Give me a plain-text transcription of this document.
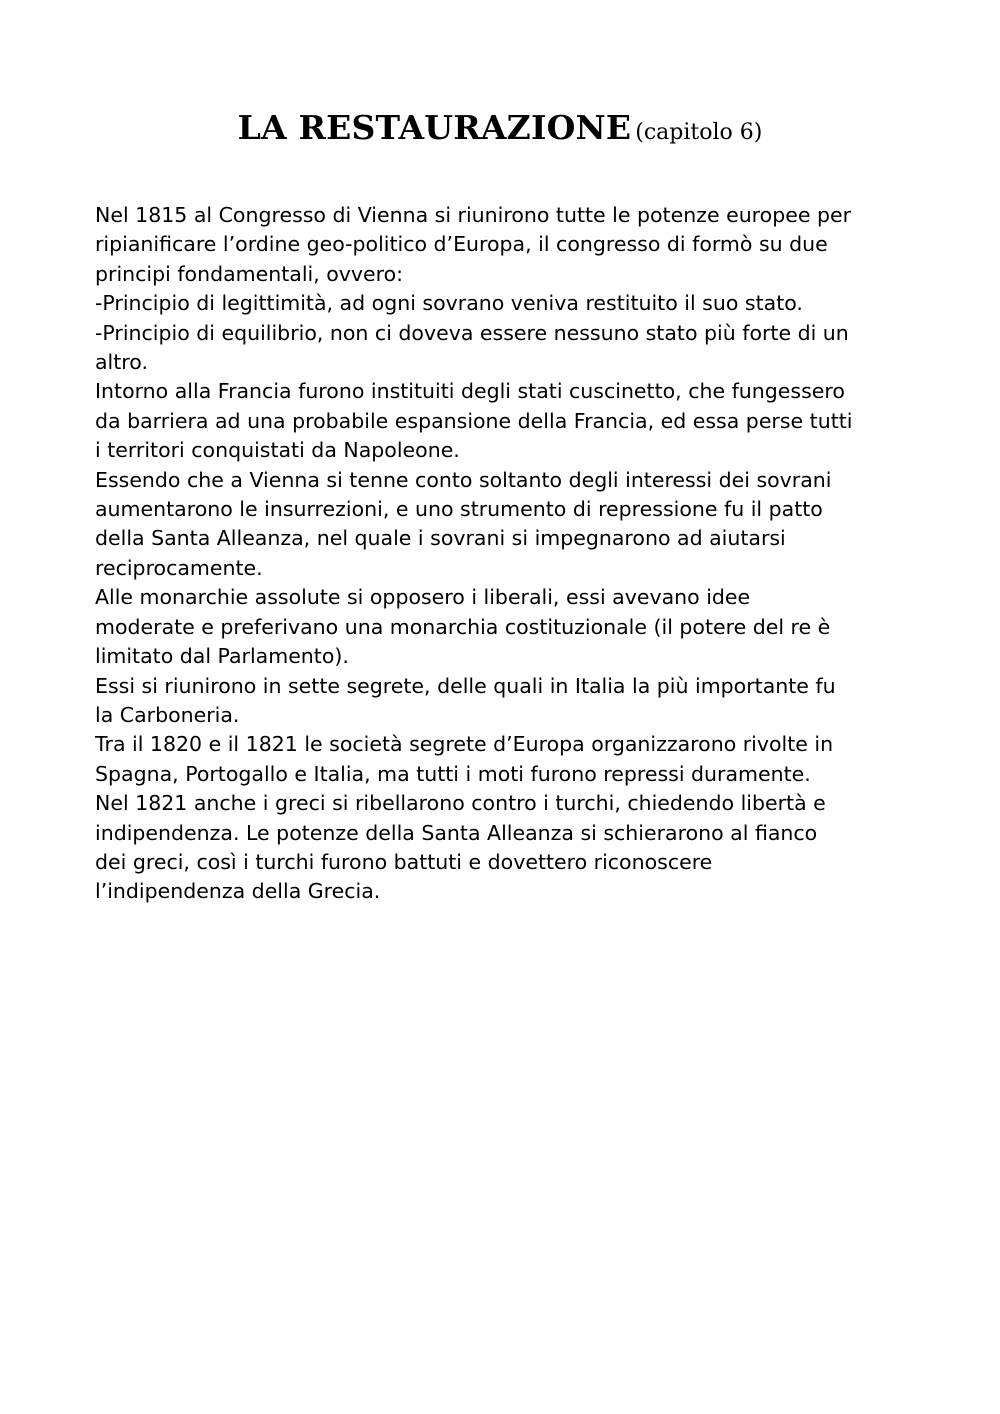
LA RESTAURAZIONE (capitolo 6)
Nel 1815 al Congresso di Vienna si riunirono tutte le potenze europee per
ripianificare l’ordine geo-politico d’Europa, il congresso di formò su due
principi fondamentali, ovvero:
-Principio di legittimità, ad ogni sovrano veniva restituito il suo stato.
-Principio di equilibrio, non ci doveva essere nessuno stato più forte di un
altro.
Intorno alla Francia furono instituiti degli stati cuscinetto, che fungessero
da barriera ad una probabile espansione della Francia, ed essa perse tutti
i territori conquistati da Napoleone.
Essendo che a Vienna si tenne conto soltanto degli interessi dei sovrani
aumentarono le insurrezioni, e uno strumento di repressione fu il patto
della Santa Alleanza, nel quale i sovrani si impegnarono ad aiutarsi
reciprocamente.
Alle monarchie assolute si opposero i liberali, essi avevano idee
moderate e preferivano una monarchia costituzionale (il potere del re è
limitato dal Parlamento).
Essi si riunirono in sette segrete, delle quali in Italia la più importante fu
la Carboneria.
Tra il 1820 e il 1821 le società segrete d’Europa organizzarono rivolte in
Spagna, Portogallo e Italia, ma tutti i moti furono repressi duramente.
Nel 1821 anche i greci si ribellarono contro i turchi, chiedendo libertà e
indipendenza. Le potenze della Santa Alleanza si schierarono al fianco
dei greci, così i turchi furono battuti e dovettero riconoscere
l’indipendenza della Grecia.
